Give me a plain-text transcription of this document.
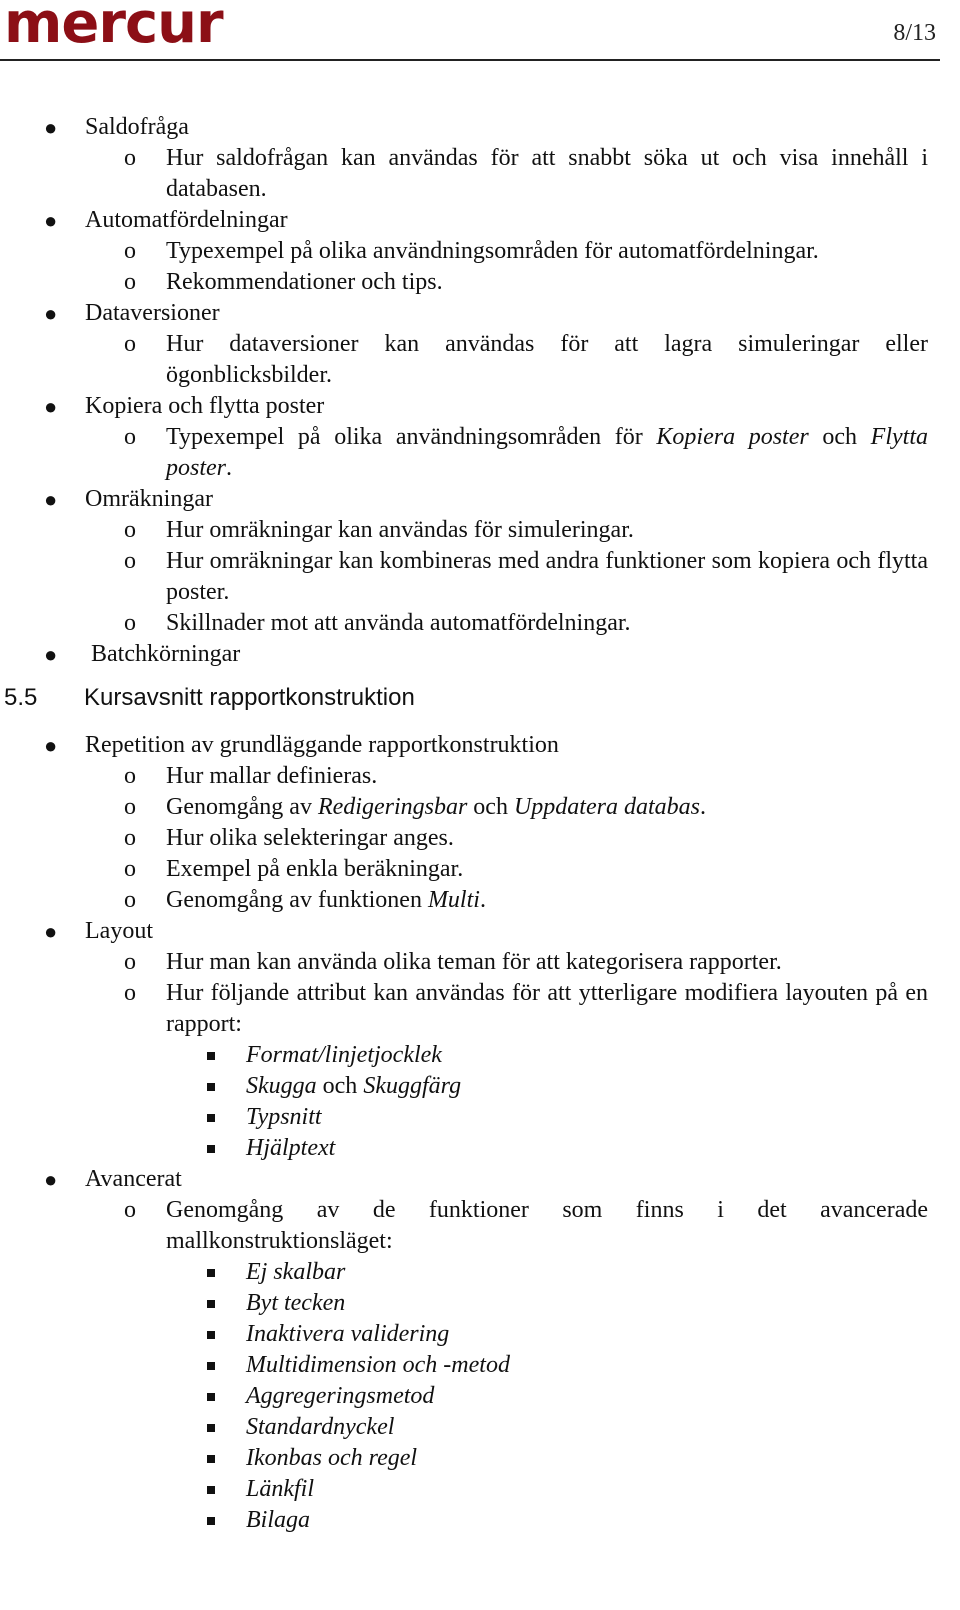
mercur	8/13
● Saldofråga
o Hur saldofrågan kan användas för att snabbt söka ut och visa innehåll i databasen.
● Automatfördelningar
o Typexempel på olika användningsområden för automatfördelningar.
o Rekommendationer och tips.
● Dataversioner
o Hur dataversioner kan användas för att lagra simuleringar eller ögonblicksbilder.
● Kopiera och flytta poster
o Typexempel på olika användningsområden för Kopiera poster och Flytta poster.
● Omräkningar
o Hur omräkningar kan användas för simuleringar.
o Hur omräkningar kan kombineras med andra funktioner som kopiera och flytta poster.
o Skillnader mot att använda automatfördelningar.
● Batchkörningar
5.5 Kursavsnitt rapportkonstruktion
● Repetition av grundläggande rapportkonstruktion
o Hur mallar definieras.
o Genomgång av Redigeringsbar och Uppdatera databas.
o Hur olika selekteringar anges.
o Exempel på enkla beräkningar.
o Genomgång av funktionen Multi.
● Layout
o Hur man kan använda olika teman för att kategorisera rapporter.
o Hur följande attribut kan användas för att ytterligare modifiera layouten på en rapport:
Format/linjetjocklek
Skugga och Skuggfärg
Typsnitt
Hjälptext
● Avancerat
o Genomgång av de funktioner som finns i det avancerade mallkonstruktionsläget:
Ej skalbar
Byt tecken
Inaktivera validering
Multidimension och -metod
Aggregeringsmetod
Standardnyckel
Ikonbas och regel
Länkfil
Bilaga
